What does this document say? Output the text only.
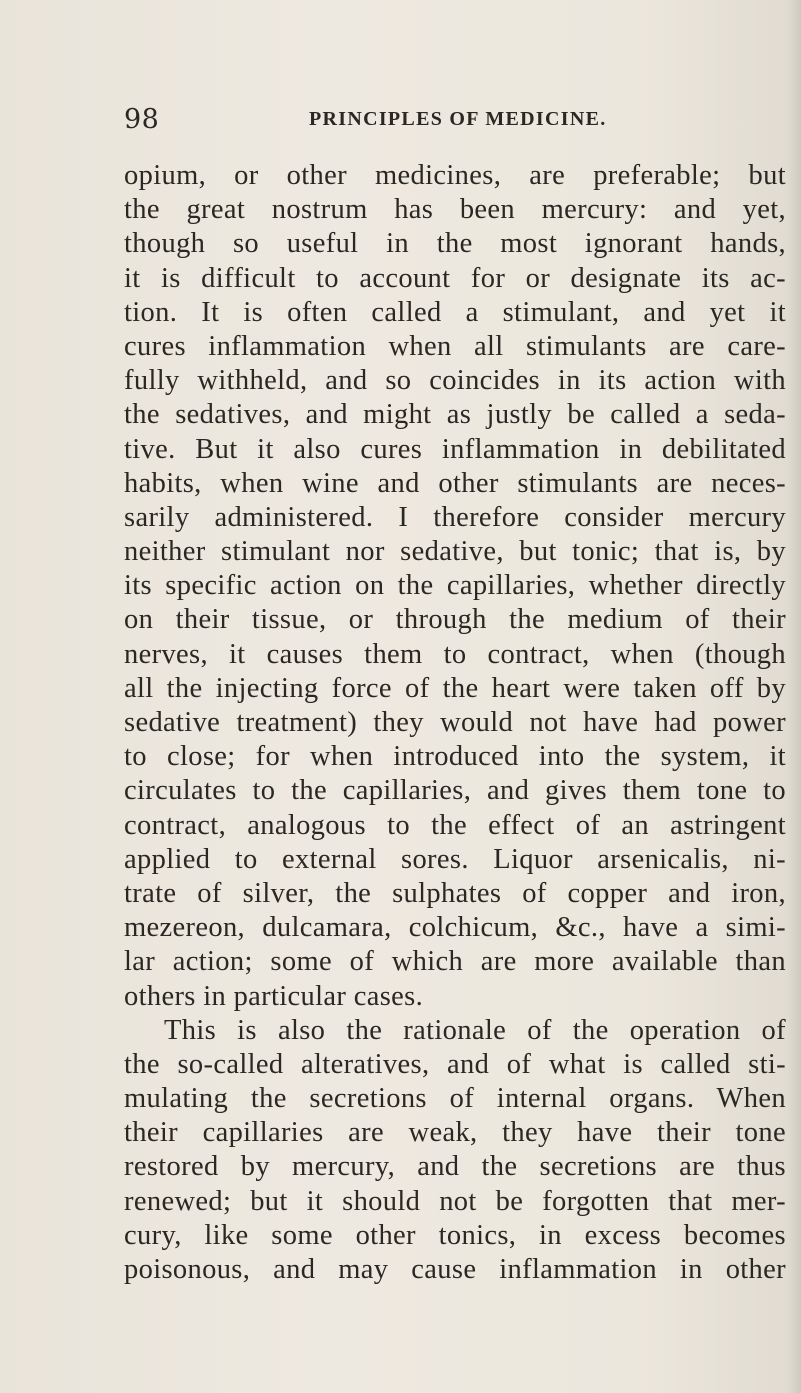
98	PRINCIPLES OF MEDICINE.
opium, or other medicines, are preferable; but
the great nostrum has been mercury: and yet,
though so useful in the most ignorant hands,
it is difficult to account for or designate its ac-
tion. It is often called a stimulant, and yet it
cures inflammation when all stimulants are care-
fully withheld, and so coincides in its action with
the sedatives, and might as justly be called a seda-
tive. But it also cures inflammation in debilitated
habits, when wine and other stimulants are neces-
sarily administered. I therefore consider mercury
neither stimulant nor sedative, but tonic; that is, by
its specific action on the capillaries, whether directly
on their tissue, or through the medium of their
nerves, it causes them to contract, when (though
all the injecting force of the heart were taken off by
sedative treatment) they would not have had power
to close; for when introduced into the system, it
circulates to the capillaries, and gives them tone to
contract, analogous to the effect of an astringent
applied to external sores. Liquor arsenicalis, ni-
trate of silver, the sulphates of copper and iron,
mezereon, dulcamara, colchicum, &c., have a simi-
lar action; some of which are more available than
others in particular cases.
This is also the rationale of the operation of
the so-called alteratives, and of what is called sti-
mulating the secretions of internal organs. When
their capillaries are weak, they have their tone
restored by mercury, and the secretions are thus
renewed; but it should not be forgotten that mer-
cury, like some other tonics, in excess becomes
poisonous, and may cause inflammation in other
